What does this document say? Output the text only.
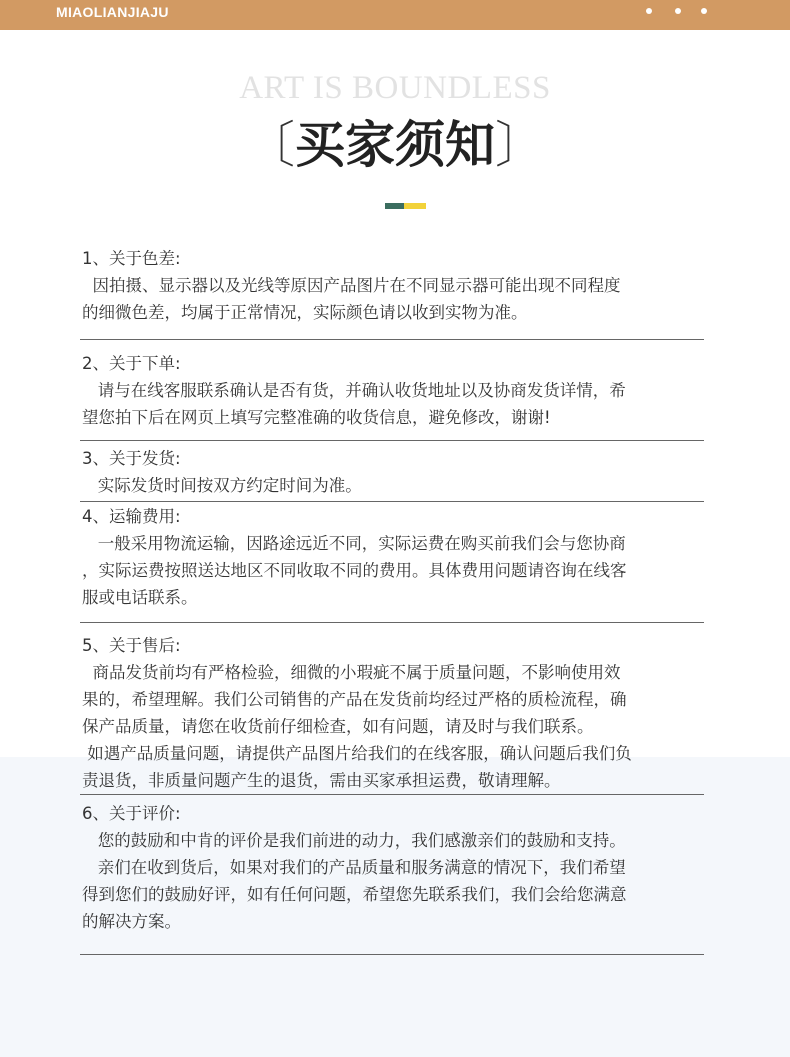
MIAOLIANJIAJU
ART IS BOUNDLESS
〔买家须知〕
1、关于色差:

因拍摄、显示器以及光线等原因产品图片在不同显示器可能出现不同程度

的细微色差，均属于正常情况，实际颜色请以收到实物为准。

2、关于下单:

请与在线客服联系确认是否有货，并确认收货地址以及协商发货详情，希

望您拍下后在网页上填写完整准确的收货信息，避免修改，谢谢!

3、关于发货:

实际发货时间按双方约定时间为准。

4、运输费用:

一般采用物流运输，因路途远近不同，实际运费在购买前我们会与您协商

，实际运费按照送达地区不同收取不同的费用。具体费用问题请咨询在线客

服或电话联系。

5、关于售后:

商品发货前均有严格检验，细微的小瑕疵不属于质量问题，不影响使用效

果的，希望理解。我们公司销售的产品在发货前均经过严格的质检流程，确

保产品质量，请您在收货前仔细检查，如有问题，请及时与我们联系。

如遇产品质量问题，请提供产品图片给我们的在线客服，确认问题后我们负

责退货，非质量问题产生的退货，需由买家承担运费，敬请理解。

6、关于评价:

您的鼓励和中肯的评价是我们前进的动力，我们感激亲们的鼓励和支持。

亲们在收到货后，如果对我们的产品质量和服务满意的情况下，我们希望

得到您们的鼓励好评，如有任何问题，希望您先联系我们，我们会给您满意

的解决方案。
